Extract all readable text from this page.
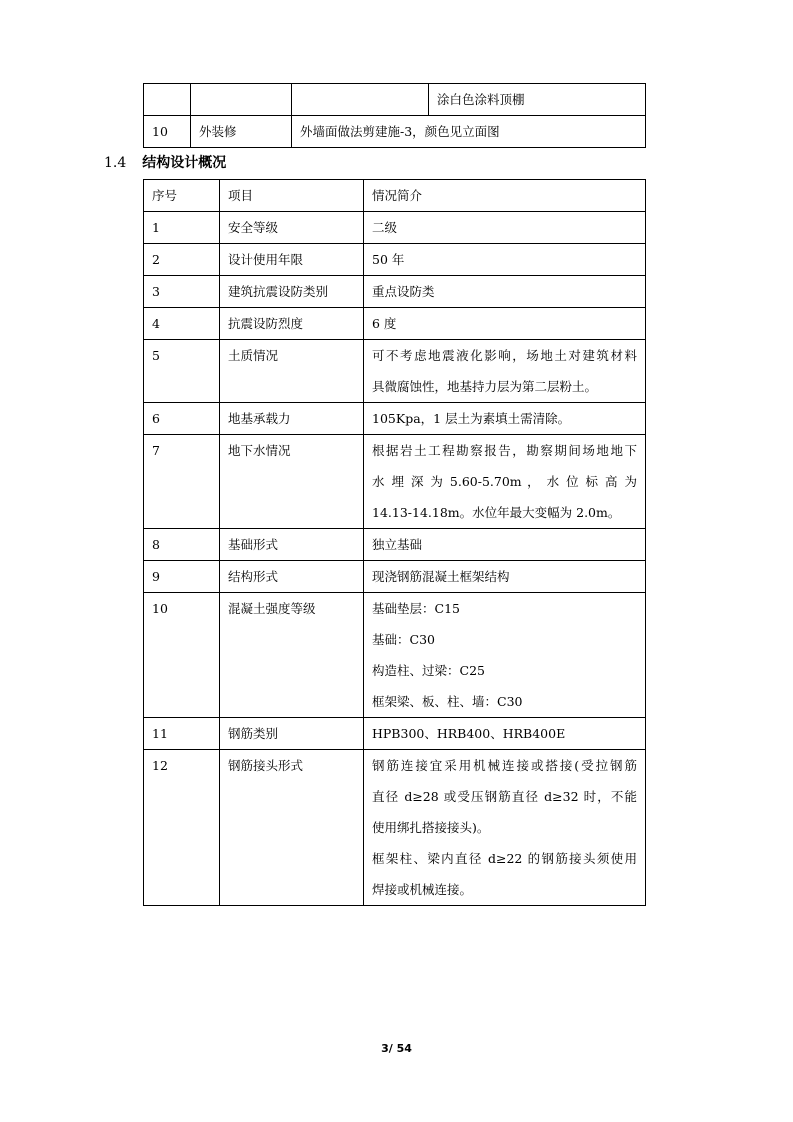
			涂白色涂料顶棚
10	外装修	外墙面做法剪建施-3，颜色见立面图	
1.4 结构设计概况
序号	项目	情况简介
1	安全等级	二级

2	设计使用年限	50 年

3	建筑抗震设防类别	重点设防类

4	抗震设防烈度	6 度

5	土质情况	可不考虑地震液化影响，场地土对建筑材料
具微腐蚀性，地基持力层为第二层粉土。

6	地基承载力	105Kpa，1 层土为素填土需清除。

7	地下水情况	根据岩土工程勘察报告，勘察期间场地地下
水 埋 深 为 5.60-5.70m ， 水 位 标 高 为
14.13-14.18m。水位年最大变幅为 2.0m。

8	基础形式	独立基础

9	结构形式	现浇钢筋混凝土框架结构

10	混凝土强度等级	基础垫层：C15
基础：C30
构造柱、过梁：C25
框架梁、板、柱、墙：C30

11	钢筋类别	HPB300、HRB400、HRB400E

12	钢筋接头形式	钢筋连接宜采用机械连接或搭接(受拉钢筋
直径 d≥28 或受压钢筋直径 d≥32 时，不能
使用绑扎搭接接头)。
框架柱、梁内直径 d≥22 的钢筋接头须使用
焊接或机械连接。
3/ 54
